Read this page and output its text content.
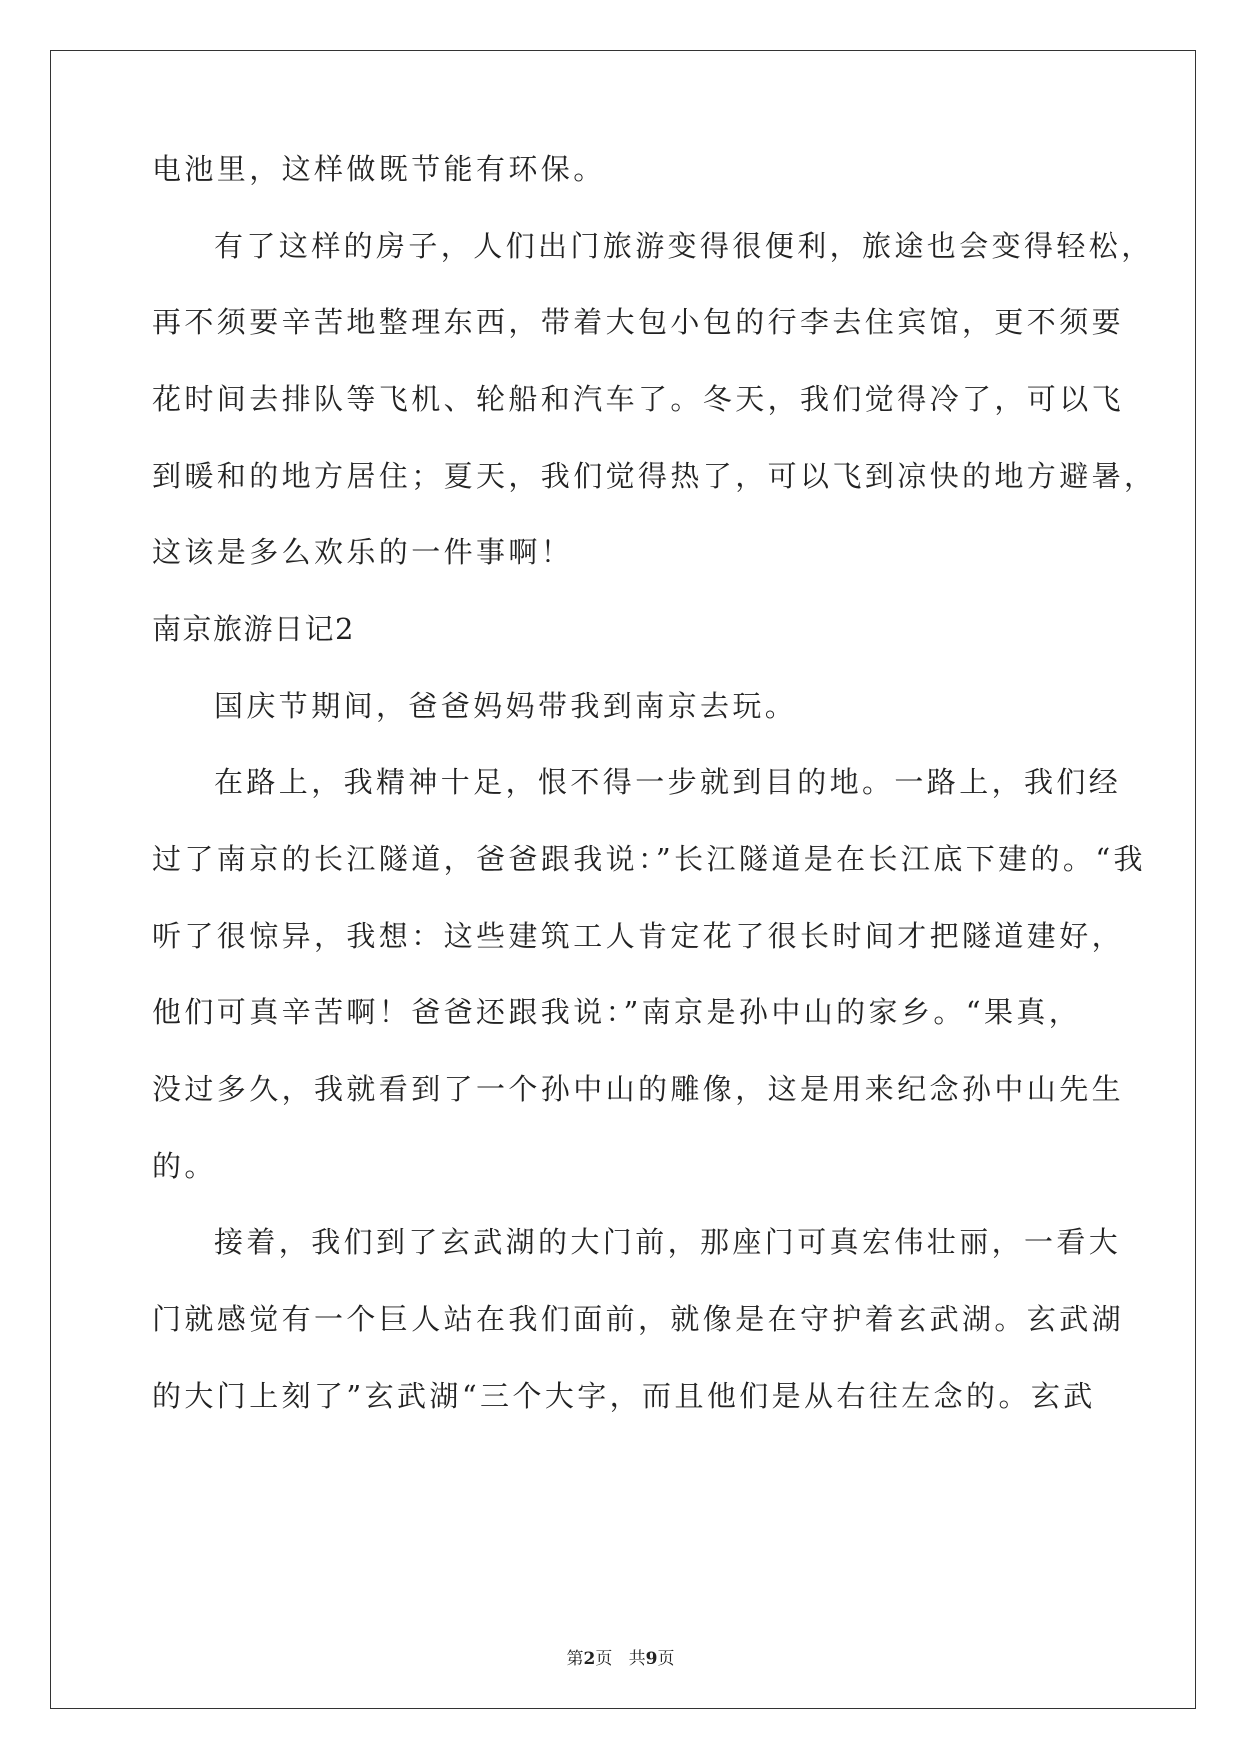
电池里，这样做既节能有环保。
有了这样的房子，人们出门旅游变得很便利，旅途也会变得轻松，
再不须要辛苦地整理东西，带着大包小包的行李去住宾馆，更不须要
花时间去排队等飞机、轮船和汽车了。冬天，我们觉得冷了，可以飞
到暖和的地方居住；夏天，我们觉得热了，可以飞到凉快的地方避暑，
这该是多么欢乐的一件事啊！
南京旅游日记2
国庆节期间，爸爸妈妈带我到南京去玩。
在路上，我精神十足，恨不得一步就到目的地。一路上，我们经
过了南京的长江隧道，爸爸跟我说：”长江隧道是在长江底下建的。“我
听了很惊异，我想：这些建筑工人肯定花了很长时间才把隧道建好，
他们可真辛苦啊！爸爸还跟我说：”南京是孙中山的家乡。“果真，
没过多久，我就看到了一个孙中山的雕像，这是用来纪念孙中山先生
的。
接着，我们到了玄武湖的大门前，那座门可真宏伟壮丽，一看大
门就感觉有一个巨人站在我们面前，就像是在守护着玄武湖。玄武湖
的大门上刻了”玄武湖“三个大字，而且他们是从右往左念的。玄武
第2页 共9页
